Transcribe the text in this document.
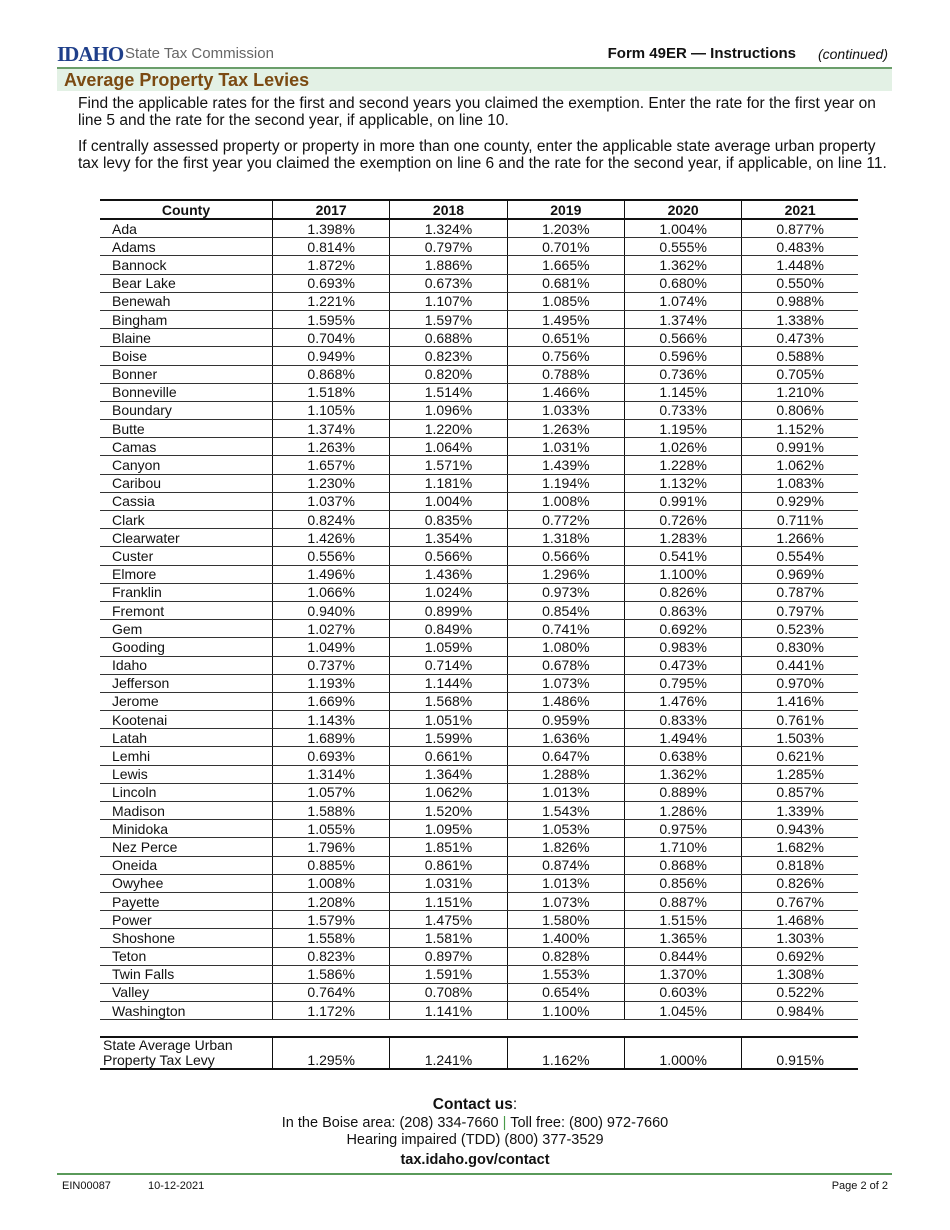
IDAHO State Tax Commission	Form 49ER — Instructions (continued)
Average Property Tax Levies

Find the applicable rates for the first and second years you claimed the exemption. Enter the rate for the first year on line 5 and the rate for the second year, if applicable, on line 10.

If centrally assessed property or property in more than one county, enter the applicable state average urban property tax levy for the first year you claimed the exemption on line 6 and the rate for the second year, if applicable, on line 11.

County	2017	2018	2019	2020	2021
Ada	1.398%	1.324%	1.203%	1.004%	0.877%
Adams	0.814%	0.797%	0.701%	0.555%	0.483%
Bannock	1.872%	1.886%	1.665%	1.362%	1.448%
Bear Lake	0.693%	0.673%	0.681%	0.680%	0.550%
Benewah	1.221%	1.107%	1.085%	1.074%	0.988%
Bingham	1.595%	1.597%	1.495%	1.374%	1.338%
Blaine	0.704%	0.688%	0.651%	0.566%	0.473%
Boise	0.949%	0.823%	0.756%	0.596%	0.588%
Bonner	0.868%	0.820%	0.788%	0.736%	0.705%
Bonneville	1.518%	1.514%	1.466%	1.145%	1.210%
Boundary	1.105%	1.096%	1.033%	0.733%	0.806%
Butte	1.374%	1.220%	1.263%	1.195%	1.152%
Camas	1.263%	1.064%	1.031%	1.026%	0.991%
Canyon	1.657%	1.571%	1.439%	1.228%	1.062%
Caribou	1.230%	1.181%	1.194%	1.132%	1.083%
Cassia	1.037%	1.004%	1.008%	0.991%	0.929%
Clark	0.824%	0.835%	0.772%	0.726%	0.711%
Clearwater	1.426%	1.354%	1.318%	1.283%	1.266%
Custer	0.556%	0.566%	0.566%	0.541%	0.554%
Elmore	1.496%	1.436%	1.296%	1.100%	0.969%
Franklin	1.066%	1.024%	0.973%	0.826%	0.787%
Fremont	0.940%	0.899%	0.854%	0.863%	0.797%
Gem	1.027%	0.849%	0.741%	0.692%	0.523%
Gooding	1.049%	1.059%	1.080%	0.983%	0.830%
Idaho	0.737%	0.714%	0.678%	0.473%	0.441%
Jefferson	1.193%	1.144%	1.073%	0.795%	0.970%
Jerome	1.669%	1.568%	1.486%	1.476%	1.416%
Kootenai	1.143%	1.051%	0.959%	0.833%	0.761%
Latah	1.689%	1.599%	1.636%	1.494%	1.503%
Lemhi	0.693%	0.661%	0.647%	0.638%	0.621%
Lewis	1.314%	1.364%	1.288%	1.362%	1.285%
Lincoln	1.057%	1.062%	1.013%	0.889%	0.857%
Madison	1.588%	1.520%	1.543%	1.286%	1.339%
Minidoka	1.055%	1.095%	1.053%	0.975%	0.943%
Nez Perce	1.796%	1.851%	1.826%	1.710%	1.682%
Oneida	0.885%	0.861%	0.874%	0.868%	0.818%
Owyhee	1.008%	1.031%	1.013%	0.856%	0.826%
Payette	1.208%	1.151%	1.073%	0.887%	0.767%
Power	1.579%	1.475%	1.580%	1.515%	1.468%
Shoshone	1.558%	1.581%	1.400%	1.365%	1.303%
Teton	0.823%	0.897%	0.828%	0.844%	0.692%
Twin Falls	1.586%	1.591%	1.553%	1.370%	1.308%
Valley	0.764%	0.708%	0.654%	0.603%	0.522%
Washington	1.172%	1.141%	1.100%	1.045%	0.984%

State Average Urban Property Tax Levy	1.295%	1.241%	1.162%	1.000%	0.915%
Contact us:
In the Boise area: (208) 334-7660 | Toll free: (800) 972-7660
Hearing impaired (TDD) (800) 377-3529
tax.idaho.gov/contact
EIN00087	10-12-2021	Page 2 of 2
